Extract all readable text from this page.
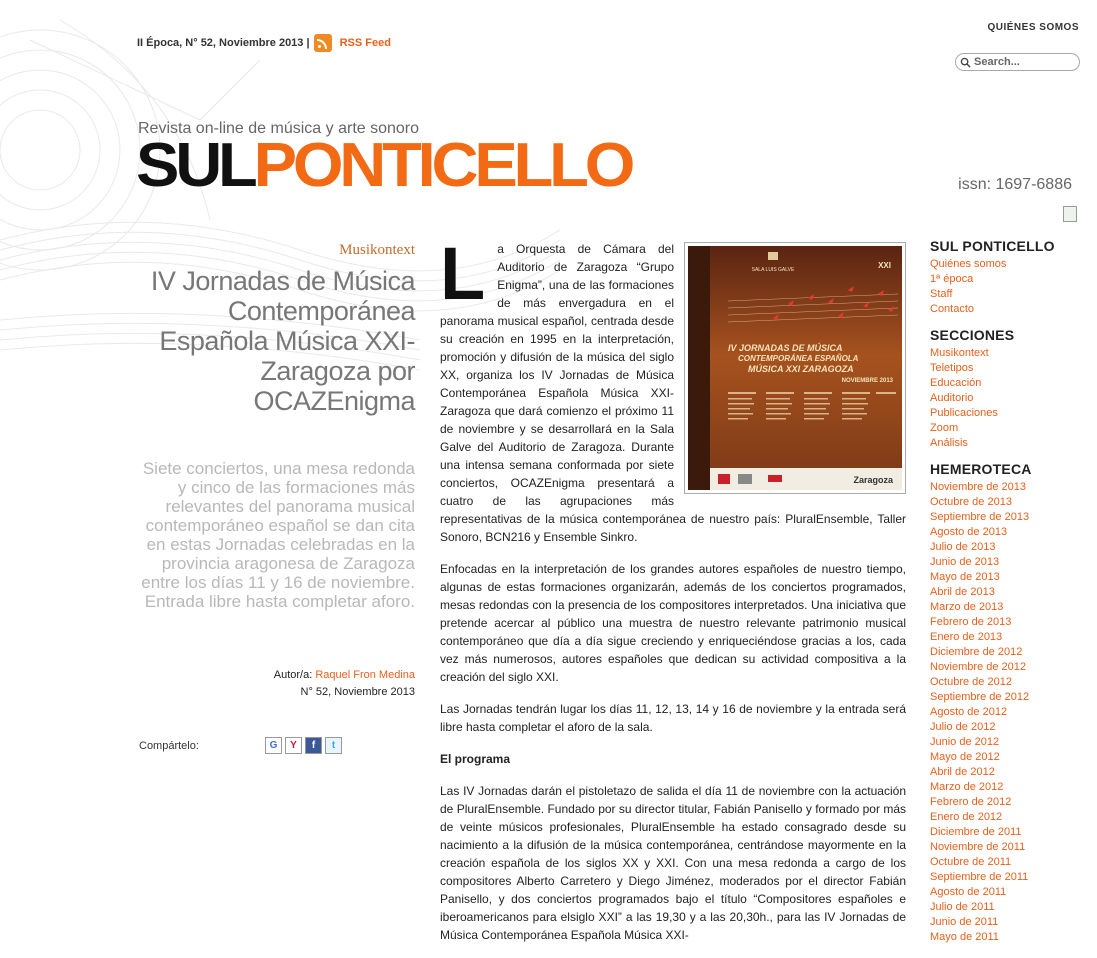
II Época, N° 52, Noviembre 2013 |	RSS Feed
QUIÉNES SOMOS
Search...
Revista on-line de música y arte sonoro
SULPONTICELLO	issn: 1697-6886
Musikontext
IV Jornadas de Música Contemporánea Española Música XXI-Zaragoza por OCAZEnigma
Siete conciertos, una mesa redonda y cinco de las formaciones más relevantes del panorama musical contemporáneo español se dan cita en estas Jornadas celebradas en la provincia aragonesa de Zaragoza entre los días 11 y 16 de noviembre. Entrada libre hasta completar aforo.
Autor/a: Raquel Fron Medina
N° 52, Noviembre 2013
Compártelo:	G	Y	f	t
SALA LUIS GALVE	XXI
IV JORNADAS DE MÚSICA
CONTEMPORÁNEA ESPAÑOLA
MÚSICA XXI ZARAGOZA
NOVIEMBRE 2013
Zaragoza
L	a Orquesta de Cámara del Auditorio de Zaragoza “Grupo Enigma”, una de las formaciones de más envergadura en el panorama musical español, centrada desde su creación en 1995 en la interpretación, promoción y difusión de la música del siglo XX, organiza los IV Jornadas de Música Contemporánea Española Música XXI-Zaragoza que dará comienzo el próximo 11 de noviembre y se desarrollará en la Sala Galve del Auditorio de Zaragoza. Durante una intensa semana conformada por siete conciertos, OCAZEnigma presentará a cuatro de las agrupaciones más representativas de la música contemporánea de nuestro país: PluralEnsemble, Taller Sonoro, BCN216 y Ensemble Sinkro.

Enfocadas en la interpretación de los grandes autores españoles de nuestro tiempo, algunas de estas formaciones organizarán, además de los conciertos programados, mesas redondas con la presencia de los compositores interpretados. Una iniciativa que pretende acercar al público una muestra de nuestro relevante patrimonio musical contemporáneo que día a día sigue creciendo y enriqueciéndose gracias a los, cada vez más numerosos, autores españoles que dedican su actividad compositiva a la creación del siglo XXI.

Las Jornadas tendrán lugar los días 11, 12, 13, 14 y 16 de noviembre y la entrada será libre hasta completar el aforo de la sala.

El programa

Las IV Jornadas darán el pistoletazo de salida el día 11 de noviembre con la actuación de PluralEnsemble. Fundado por su director titular, Fabián Panisello y formado por más de veinte músicos profesionales, PluralEnsemble ha estado consagrado desde su nacimiento a la difusión de la música contemporánea, centrándose mayormente en la creación española de los siglos XX y XXI. Con una mesa redonda a cargo de los compositores Alberto Carretero y Diego Jiménez, moderados por el director Fabián Panisello, y dos conciertos programados bajo el título “Compositores españoles e iberoamericanos para elsiglo XXI” a las 19,30 y a las 20,30h., para las IV Jornadas de Música Contemporánea Española Música XXI-

SUL PONTICELLO
Quiénes somos
1ª época
Staff
Contacto
SECCIONES
Musikontext
Teletipos
Educación
Auditorio
Publicaciones
Zoom
Análisis
HEMEROTECA
Noviembre de 2013
Octubre de 2013
Septiembre de 2013
Agosto de 2013
Julio de 2013
Junio de 2013
Mayo de 2013
Abril de 2013
Marzo de 2013
Febrero de 2013
Enero de 2013
Diciembre de 2012
Noviembre de 2012
Octubre de 2012
Septiembre de 2012
Agosto de 2012
Julio de 2012
Junio de 2012
Mayo de 2012
Abril de 2012
Marzo de 2012
Febrero de 2012
Enero de 2012
Diciembre de 2011
Noviembre de 2011
Octubre de 2011
Septiembre de 2011
Agosto de 2011
Julio de 2011
Junio de 2011
Mayo de 2011
